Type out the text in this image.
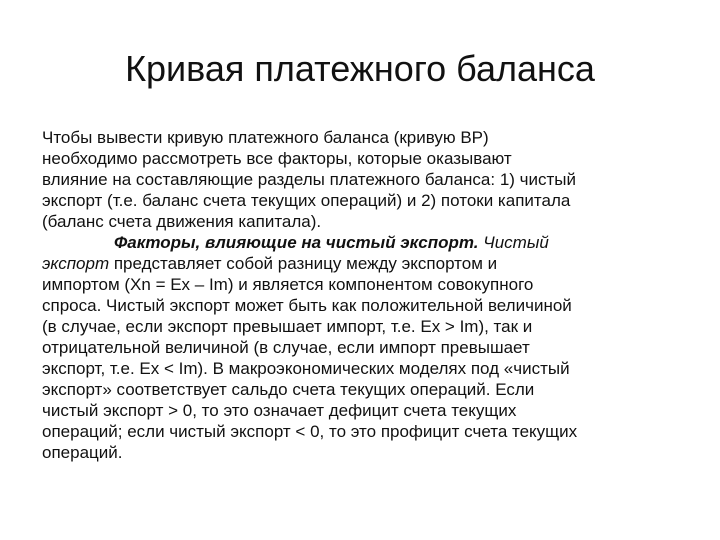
Кривая платежного баланса
Чтобы вывести кривую платежного баланса (кривую BP)
необходимо рассмотреть все факторы, которые оказывают
влияние на составляющие разделы платежного баланса: 1) чистый
экспорт (т.е. баланс счета текущих операций) и 2) потоки капитала
(баланс счета движения капитала).
Факторы, влияющие на чистый экспорт. Чистый
экспорт представляет собой разницу между экспортом и
импортом (Xn = Ex – Im) и является компонентом совокупного
спроса. Чистый экспорт может быть как положительной величиной
(в случае, если экспорт превышает импорт, т.е. Ex > Im), так и
отрицательной величиной (в случае, если импорт превышает
экспорт, т.е. Ex < Im). В макроэкономических моделях под «чистый
экспорт» соответствует сальдо счета текущих операций. Если
чистый экспорт > 0, то это означает дефицит счета текущих
операций; если чистый экспорт < 0, то это профицит счета текущих
операций.
